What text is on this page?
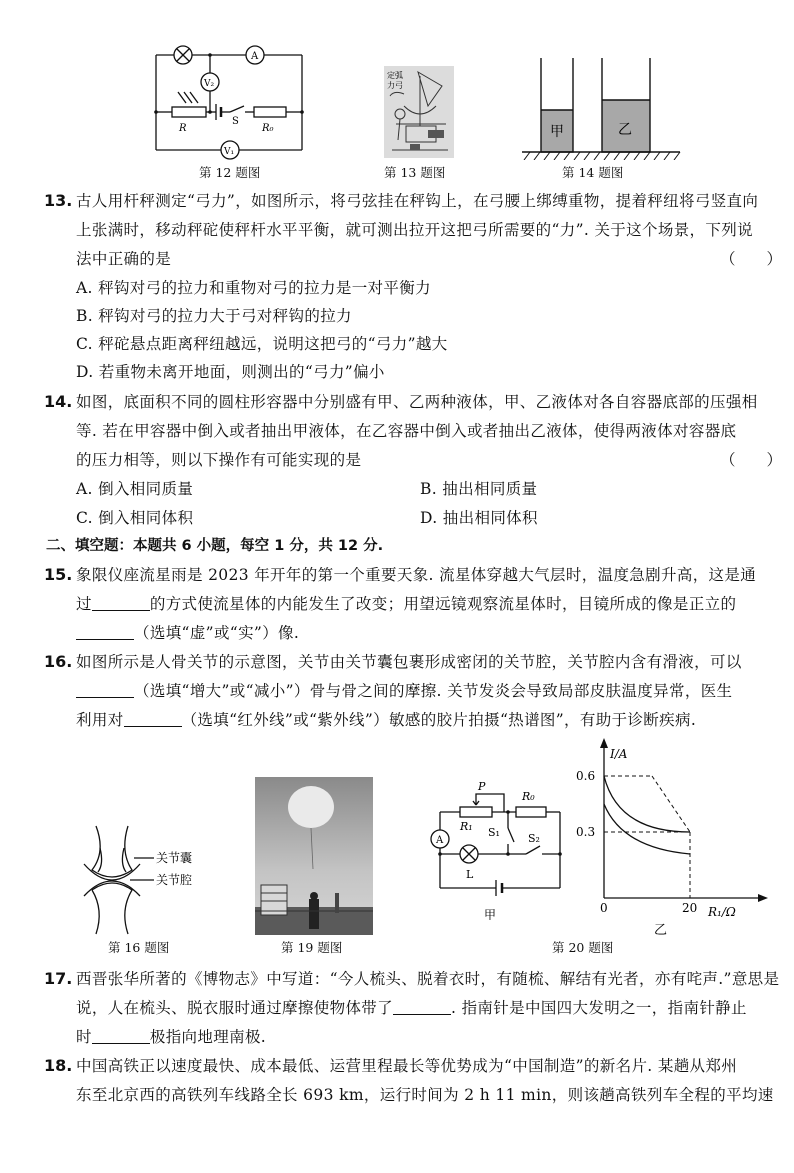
A
V₂
V₁
R
S
R₀
第 12 题图
定弧
力弓
第 13 题图
甲	乙
第 14 题图
13. 古人用杆秤测定“弓力”，如图所示，将弓弦挂在秤钩上，在弓腰上绑缚重物，提着秤纽将弓竖直向
上张满时，移动秤砣使秤杆水平平衡，就可测出拉开这把弓所需要的“力”. 关于这个场景，下列说
法中正确的是	（　　）
A. 秤钩对弓的拉力和重物对弓的拉力是一对平衡力
B. 秤钩对弓的拉力大于弓对秤钩的拉力
C. 秤砣悬点距离秤纽越远，说明这把弓的“弓力”越大
D. 若重物未离开地面，则测出的“弓力”偏小
14. 如图，底面积不同的圆柱形容器中分别盛有甲、乙两种液体，甲、乙液体对各自容器底部的压强相
等. 若在甲容器中倒入或者抽出甲液体，在乙容器中倒入或者抽出乙液体，使得两液体对容器底
的压力相等，则以下操作有可能实现的是	（　　）
A. 倒入相同质量	B. 抽出相同质量
C. 倒入相同体积	D. 抽出相同体积
二、填空题：本题共 6 小题，每空 1 分，共 12 分.
15. 象限仪座流星雨是 2023 年开年的第一个重要天象. 流星体穿越大气层时，温度急剧升高，这是通
过	的方式使流星体的内能发生了改变；用望远镜观察流星体时，目镜所成的像是正立的
（选填“虚”或“实”）像.
16. 如图所示是人骨关节的示意图，关节由关节囊包裹形成密闭的关节腔，关节腔内含有滑液，可以
（选填“增大”或“减小”）骨与骨之间的摩擦. 关节发炎会导致局部皮肤温度异常，医生
利用对	（选填“红外线”或“紫外线”）敏感的胶片拍摄“热谱图”，有助于诊断疾病.
关节囊
关节腔
第 16 题图	第 19 题图
A
P
R₀
R₁ S₁	S₂
L
甲
I/A
0.6
0.3
0	20 R₁/Ω
乙
第 20 题图
17. 西晋张华所著的《博物志》中写道：“今人梳头、脱着衣时，有随梳、解结有光者，亦有咤声.”意思是
说，人在梳头、脱衣服时通过摩擦使物体带了	. 指南针是中国四大发明之一，指南针静止
时	极指向地理南极.
18. 中国高铁正以速度最快、成本最低、运营里程最长等优势成为“中国制造”的新名片. 某趟从郑州
东至北京西的高铁列车线路全长 693 km，运行时间为 2 h 11 min，则该趟高铁列车全程的平均速
